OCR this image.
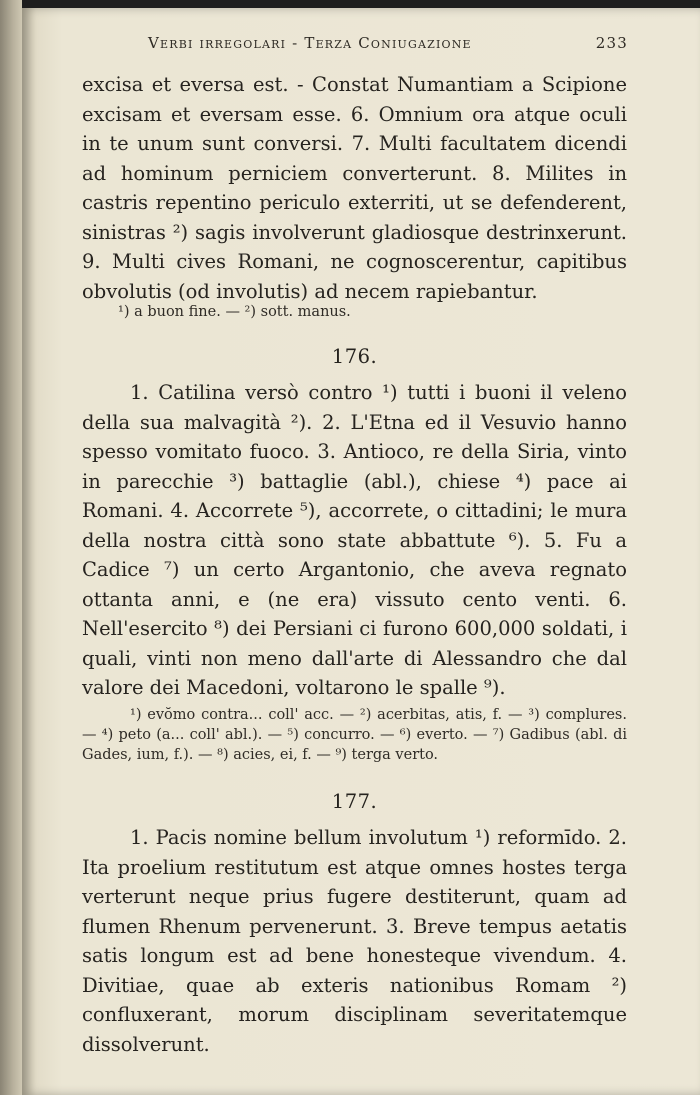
Verbi irregolari - Terza Coniugazione	233
excisa et eversa est. - Constat Numantiam a Scipione excisam et eversam esse. 6. Omnium ora atque oculi in te unum sunt conversi. 7. Multi facultatem dicendi ad hominum perniciem converterunt. 8. Milites in castris repentino periculo exterriti, ut se defenderent, sinistras ²) sagis involverunt gladiosque destrinxerunt. 9. Multi cives Romani, ne cognoscerentur, capitibus obvolutis (od involutis) ad necem rapiebantur.
¹) a buon fine. — ²) sott. manus.
176.
1. Catilina versò contro ¹) tutti i buoni il veleno della sua malvagità ²). 2. L'Etna ed il Vesuvio hanno spesso vomitato fuoco. 3. Antioco, re della Siria, vinto in parecchie ³) battaglie (abl.), chiese ⁴) pace ai Romani. 4. Accorrete ⁵), accorrete, o cittadini; le mura della nostra città sono state abbattute ⁶). 5. Fu a Cadice ⁷) un certo Argantonio, che aveva regnato ottanta anni, e (ne era) vissuto cento venti. 6. Nell'esercito ⁸) dei Persiani ci furono 600,000 soldati, i quali, vinti non meno dall'arte di Alessandro che dal valore dei Macedoni, voltarono le spalle ⁹).
¹) evŏmo contra... coll' acc. — ²) acerbitas, atis, f. — ³) complures. — ⁴) peto (a... coll' abl.). — ⁵) concurro. — ⁶) everto. — ⁷) Gadibus (abl. di Gades, ium, f.). — ⁸) acies, ei, f. — ⁹) terga verto.
177.
1. Pacis nomine bellum involutum ¹) reformīdo. 2. Ita proelium restitutum est atque omnes hostes terga verterunt neque prius fugere destiterunt, quam ad flumen Rhenum pervenerunt. 3. Breve tempus aetatis satis longum est ad bene honesteque vivendum. 4. Divitiae, quae ab exteris nationibus Romam ²) confluxerant, morum disciplinam severitatemque dissolverunt.
